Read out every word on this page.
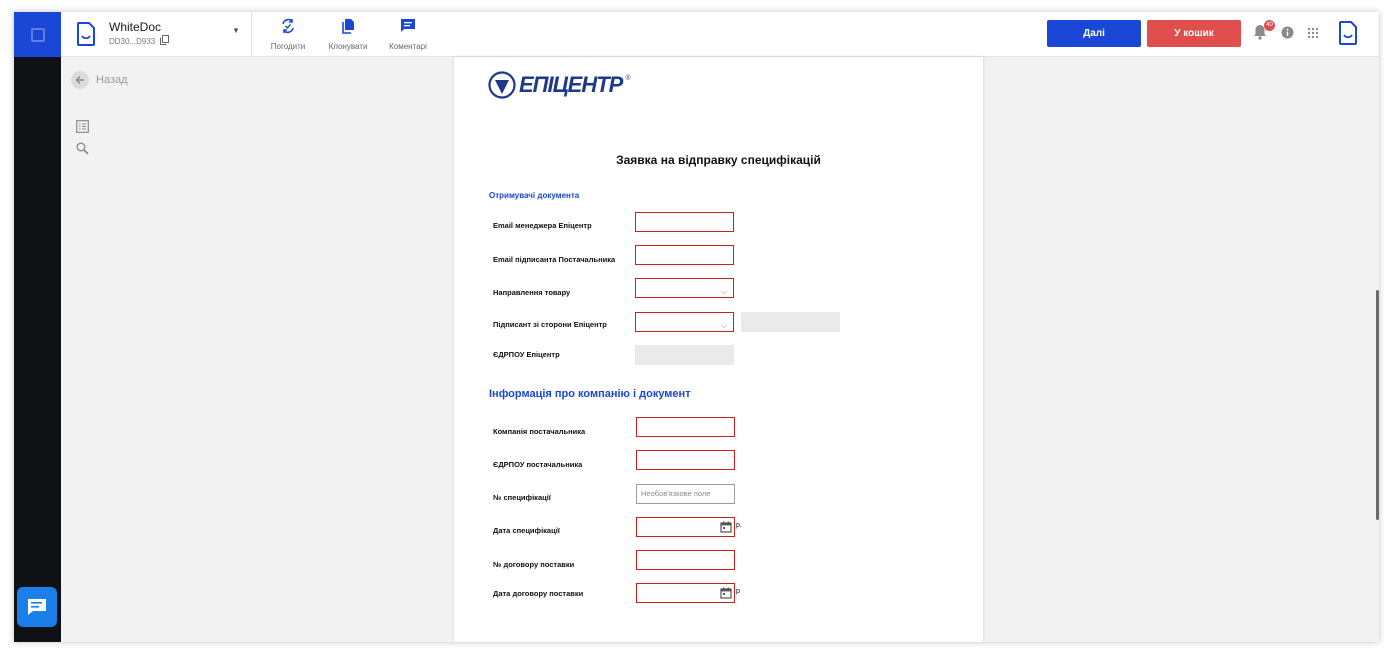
WhiteDoc
DD30...D933
▼
Погодити	Клонувати	Коментарі
Далі	У кошик
40
Назад	ЕПІЦЕНТР ®
Заявка на відправку специфікацій
Отримувачі документа
Email менеджера Епіцентр
Email підписанта Постачальника
Направлення товару	⌵
Підписант зі сторони Епіцентр	⌵
ЄДРПОУ Епіцентр
Інформація про компанію і документ
Компанія постачальника
ЄДРПОУ постачальника
№ специфікації	Необов'язкове поле
Дата специфікації
р.
№ договору поставки
Дата договору поставки	р
